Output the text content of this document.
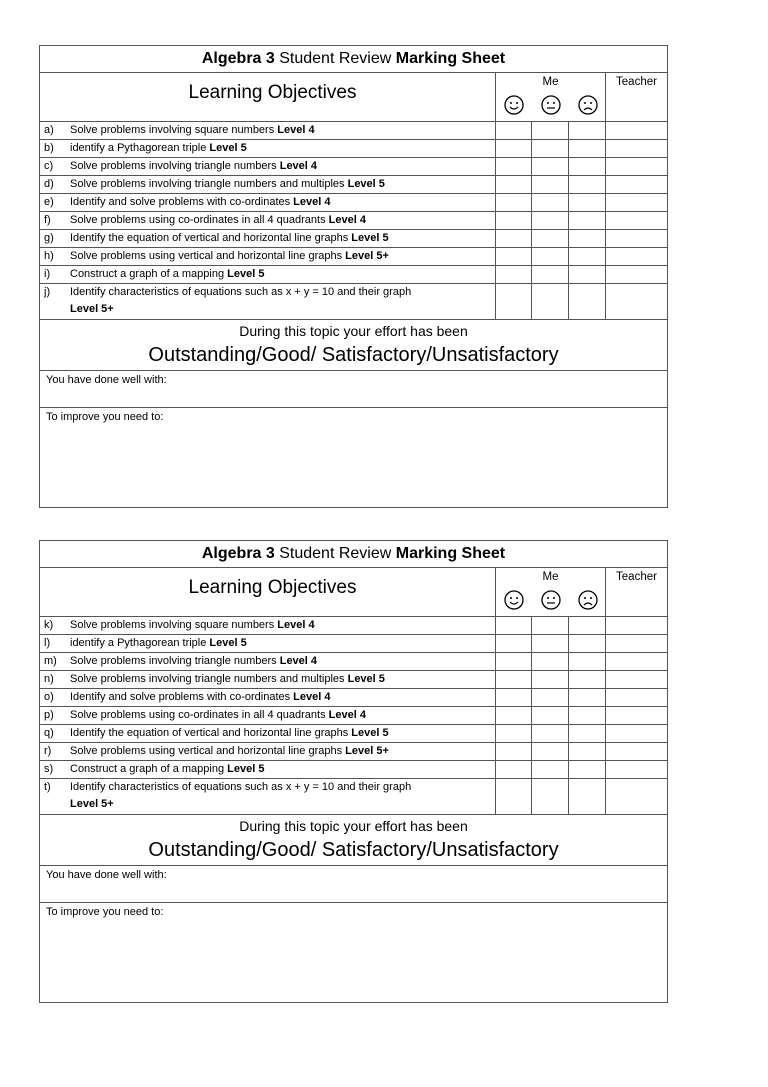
Algebra 3 Student Review Marking Sheet
Learning Objectives	Me	Teacher
a) Solve problems involving square numbers Level 4
b) identify a Pythagorean triple Level 5
c) Solve problems involving triangle numbers Level 4
d) Solve problems involving triangle numbers and multiples Level 5
e) Identify and solve problems with co-ordinates Level 4
f) Solve problems using co-ordinates in all 4 quadrants Level 4
g) Identify the equation of vertical and horizontal line graphs Level 5
h) Solve problems using vertical and horizontal line graphs Level 5+
i) Construct a graph of a mapping Level 5
j) Identify characteristics of equations such as x + y = 10 and their graph
Level 5+
During this topic your effort has been
Outstanding/Good/ Satisfactory/Unsatisfactory
You have done well with:
To improve you need to:
Algebra 3 Student Review Marking Sheet
Learning Objectives	Me	Teacher
k) Solve problems involving square numbers Level 4
l) identify a Pythagorean triple Level 5
m) Solve problems involving triangle numbers Level 4
n) Solve problems involving triangle numbers and multiples Level 5
o) Identify and solve problems with co-ordinates Level 4
p) Solve problems using co-ordinates in all 4 quadrants Level 4
q) Identify the equation of vertical and horizontal line graphs Level 5
r) Solve problems using vertical and horizontal line graphs Level 5+
s) Construct a graph of a mapping Level 5
t) Identify characteristics of equations such as x + y = 10 and their graph
Level 5+
During this topic your effort has been
Outstanding/Good/ Satisfactory/Unsatisfactory
You have done well with:
To improve you need to:
